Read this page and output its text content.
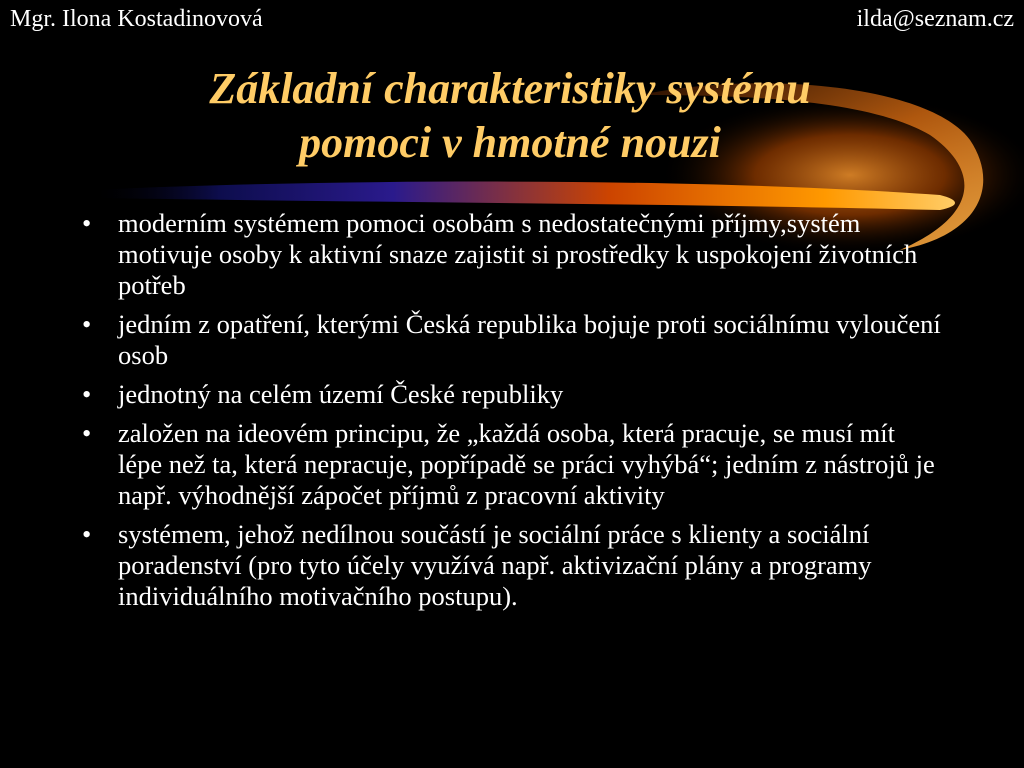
Mgr. Ilona Kostadinovová	ilda@seznam.cz
Základní charakteristiky systému
pomoci v hmotné nouzi
•	moderním systémem pomoci osobám s nedostatečnými příjmy,systém motivuje osoby k aktivní snaze zajistit si prostředky k uspokojení životních potřeb
•	jedním z opatření, kterými Česká republika bojuje proti sociálnímu vyloučení osob
•	jednotný na celém území České republiky
•	založen na ideovém principu, že „každá osoba, která pracuje, se musí mít lépe než ta, která nepracuje, popřípadě se práci vyhýbá“; jedním z nástrojů je např. výhodnější zápočet příjmů z pracovní aktivity
•	systémem, jehož nedílnou součástí je sociální práce s klienty a sociální poradenství (pro tyto účely využívá např. aktivizační plány a programy individuálního motivačního postupu).
